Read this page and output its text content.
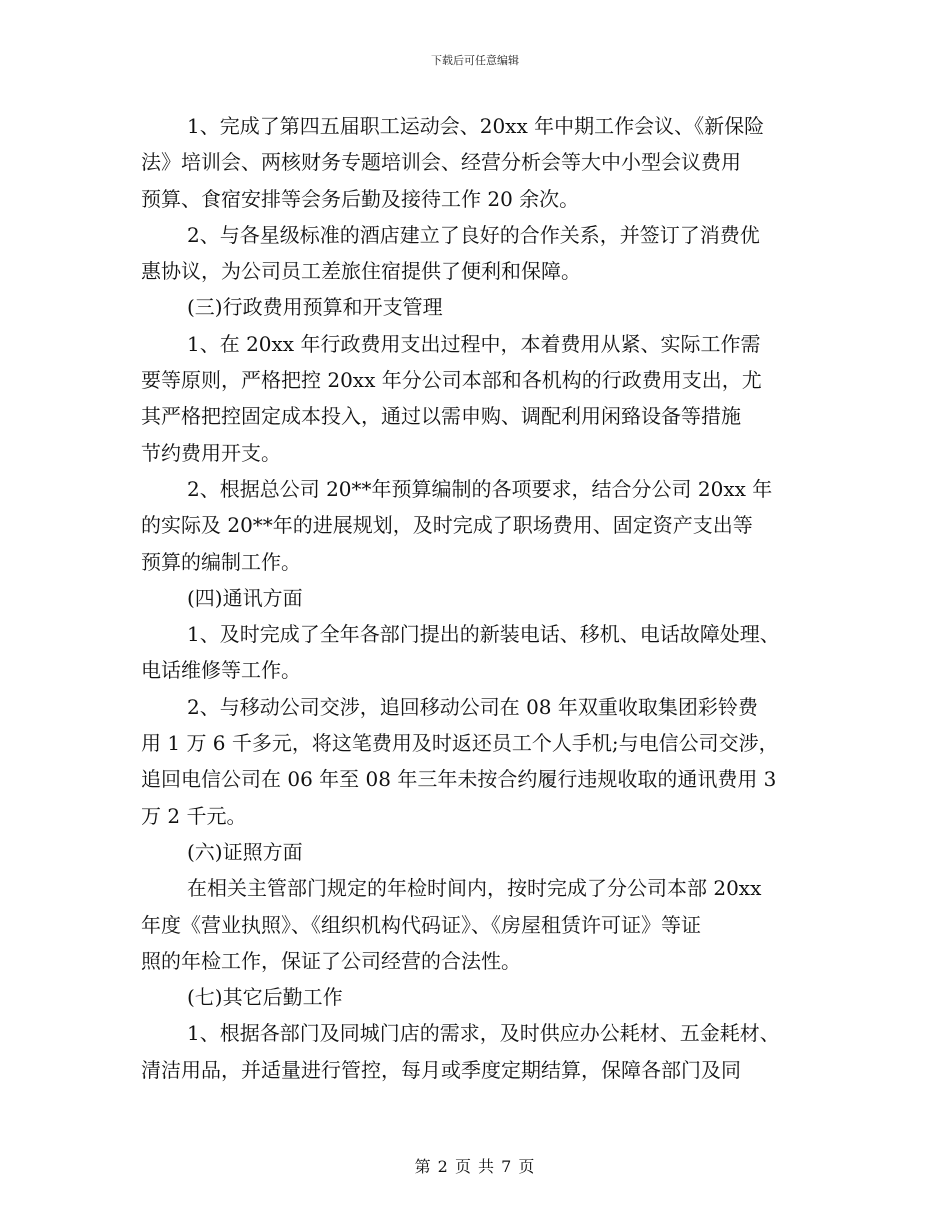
下载后可任意编辑
1、完成了第四五届职工运动会、20xx 年中期工作会议、《新保险
法》培训会、两核财务专题培训会、经营分析会等大中小型会议费用
预算、食宿安排等会务后勤及接待工作 20 余次。
2、与各星级标准的酒店建立了良好的合作关系，并签订了消费优
惠协议，为公司员工差旅住宿提供了便利和保障。
(三)行政费用预算和开支管理
1、在 20xx 年行政费用支出过程中，本着费用从紧、实际工作需
要等原则，严格把控 20xx 年分公司本部和各机构的行政费用支出，尤
其严格把控固定成本投入，通过以需申购、调配利用闲臵设备等措施
节约费用开支。
2、根据总公司 20**年预算编制的各项要求，结合分公司 20xx 年
的实际及 20**年的进展规划，及时完成了职场费用、固定资产支出等
预算的编制工作。
(四)通讯方面
1、及时完成了全年各部门提出的新装电话、移机、电话故障处理、
电话维修等工作。
2、与移动公司交涉，追回移动公司在 08 年双重收取集团彩铃费
用 1 万 6 千多元，将这笔费用及时返还员工个人手机;与电信公司交涉，
追回电信公司在 06 年至 08 年三年未按合约履行违规收取的通讯费用 3
万 2 千元。
(六)证照方面
在相关主管部门规定的年检时间内，按时完成了分公司本部 20xx
年度《营业执照》、《组织机构代码证》、《房屋租赁许可证》等证
照的年检工作，保证了公司经营的合法性。
(七)其它后勤工作
1、根据各部门及同城门店的需求，及时供应办公耗材、五金耗材、
清洁用品，并适量进行管控，每月或季度定期结算，保障各部门及同
第 2 页 共 7 页
